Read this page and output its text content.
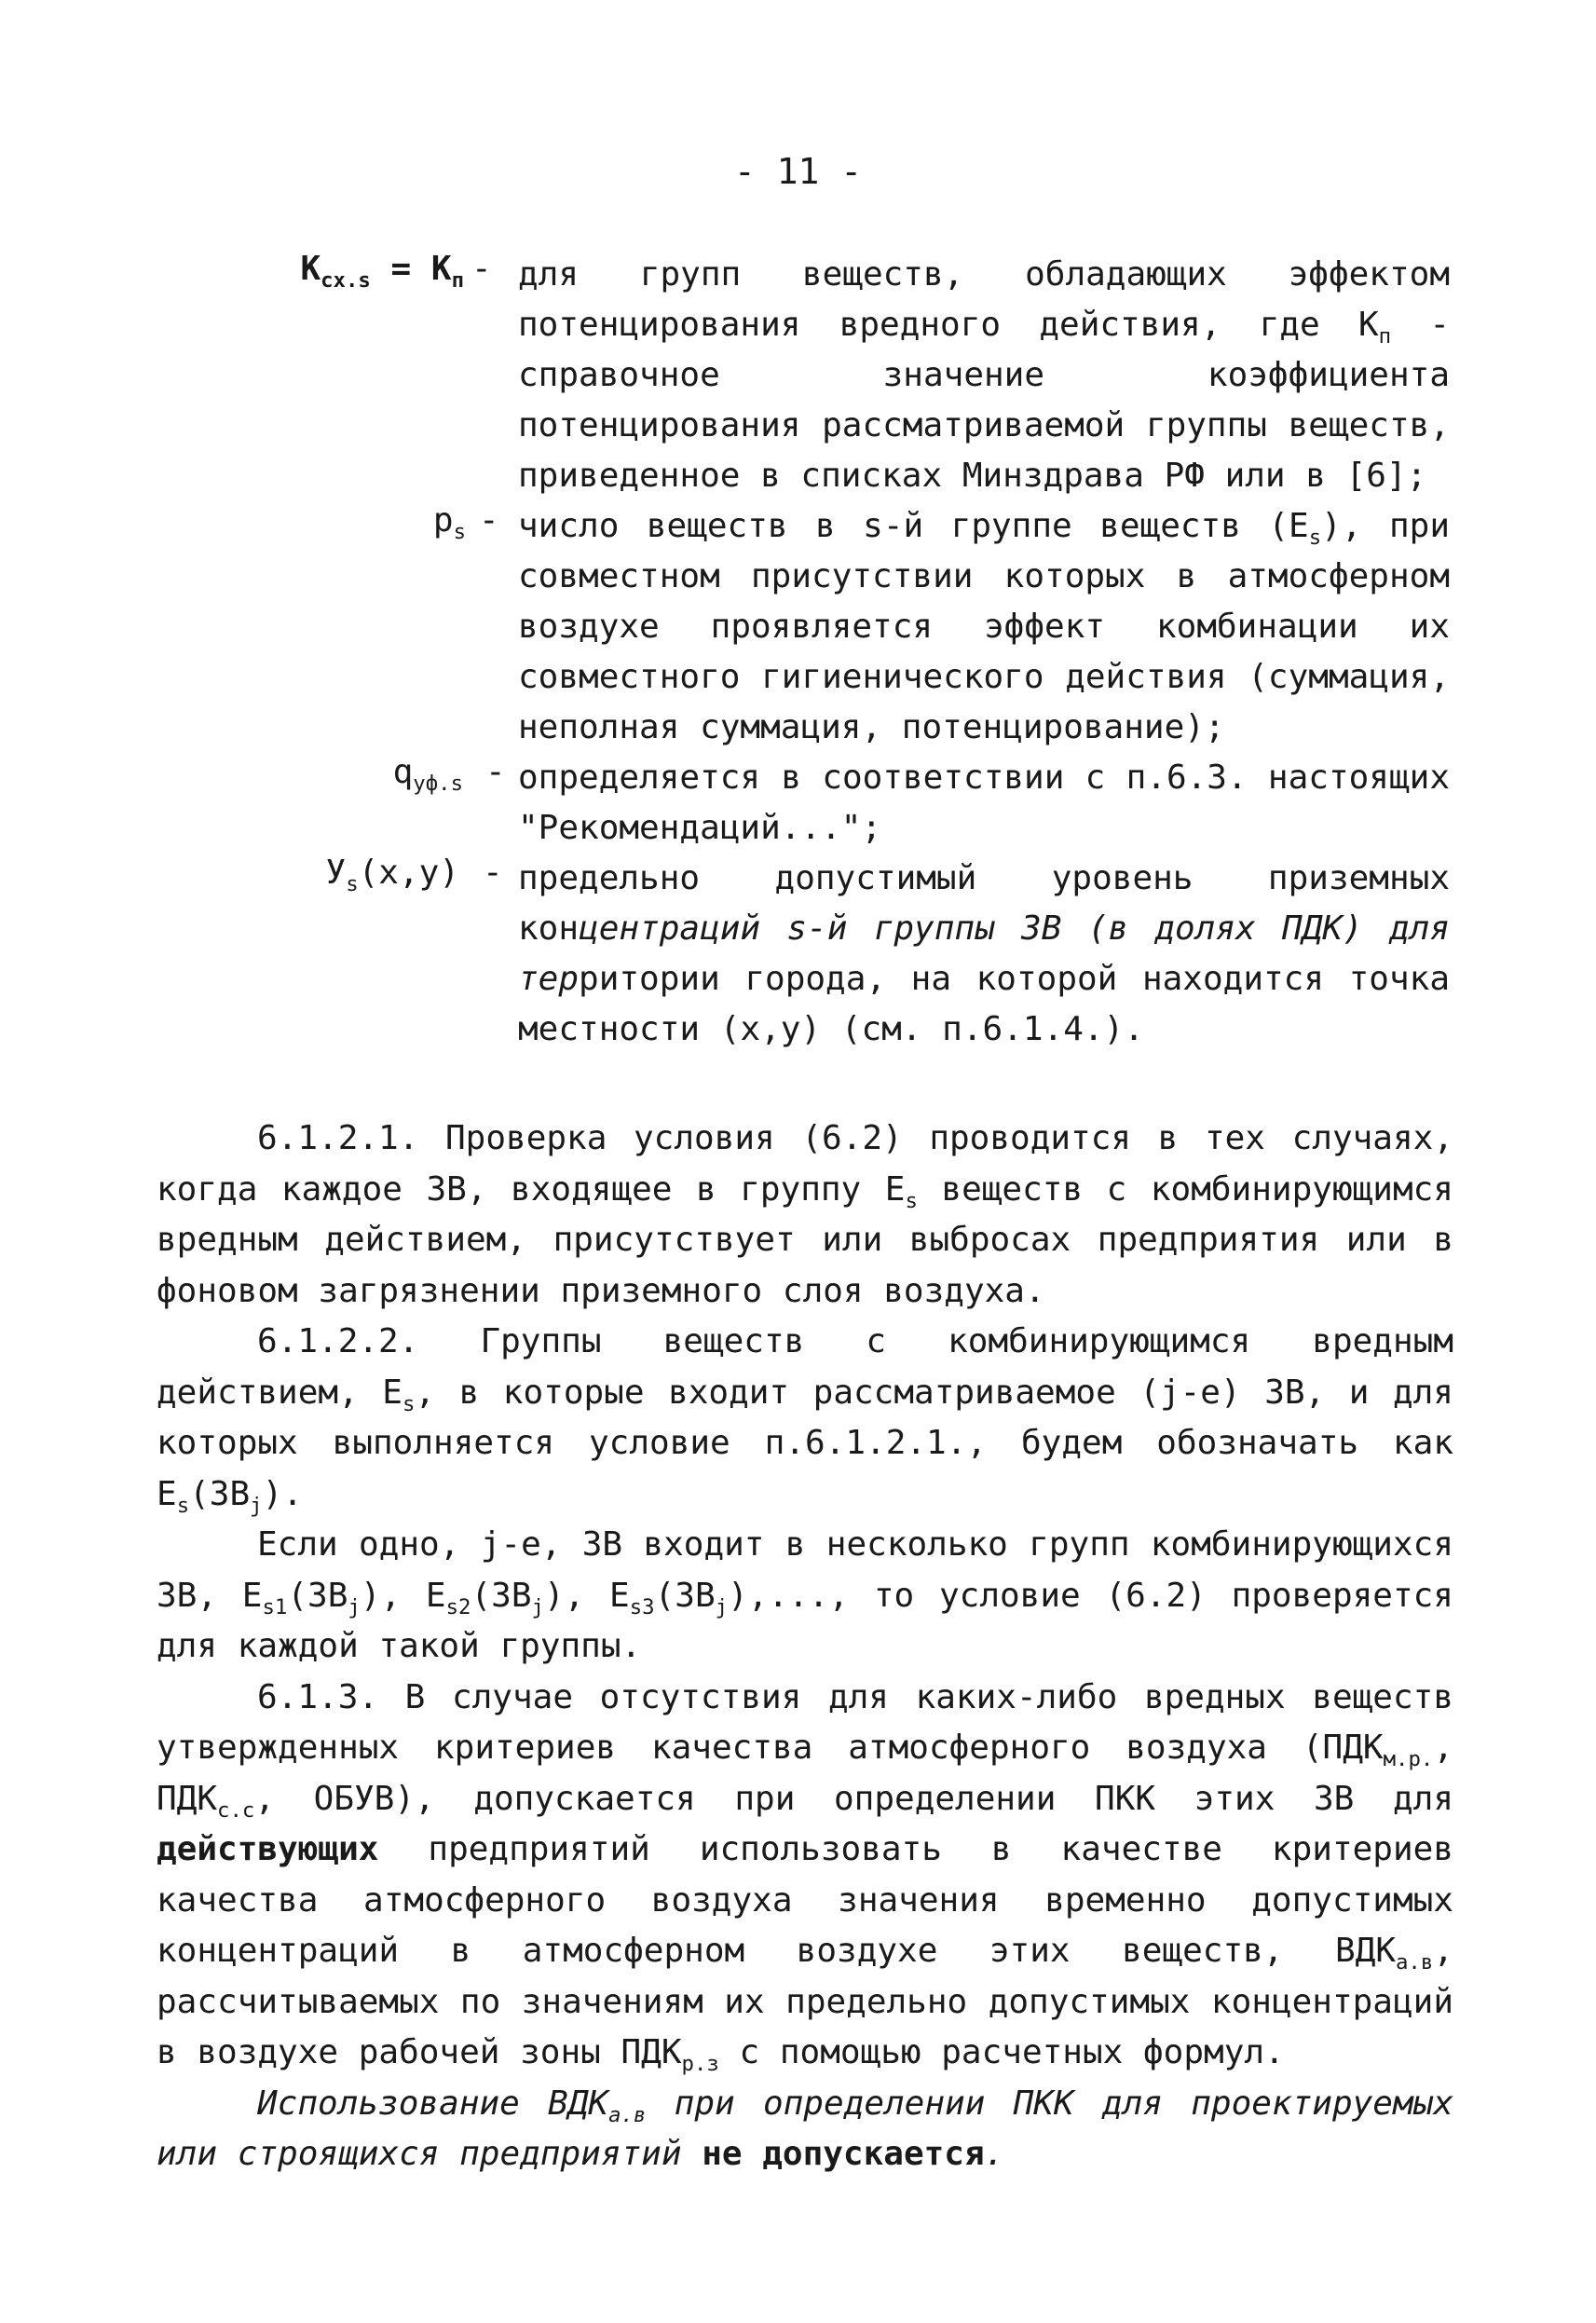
- 11 -
$K_{сх.s} = K_п$ - для групп веществ, обладающих эффектом потенцирования вредного действия, где $K_п$ - справочное значение коэффициента потенцирования рассматриваемой группы веществ, приведенное в списках Минздрава РФ или в [6];
$p_s$ - число веществ в s-й группе веществ $(E_s)$, при совместном присутствии которых в атмосферном воздухе проявляется эффект комбинации их совместного гигиенического действия (суммация, неполная суммация, потенцирование);
$q_{уф.s}$ - определяется в соответствии с п.6.3. настоящих "Рекомендаций...";
$У_s(x,у)$ - предельно допустимый уровень приземных концентраций s-й группы ЗВ (в долях ПДК) для территории города, на которой находится точка местности (x,у) (см. п.6.1.4.).

6.1.2.1. Проверка условия (6.2) проводится в тех случаях, когда каждое ЗВ, входящее в группу $E_s$ веществ с комбинирующимся вредным действием, присутствует или выбросах предприятия или в фоновом загрязнении приземного слоя воздуха.

6.1.2.2. Группы веществ с комбинирующимся вредным действием, $E_s$, в которые входит рассматриваемое (j-е) ЗВ, и для которых выполняется условие п.6.1.2.1., будем обозначать как $E_s(ЗВ_j)$.

Если одно, j-е, ЗВ входит в несколько групп комбинирующихся ЗВ, $E_{s1}(ЗВ_j)$, $E_{s2}(ЗВ_j)$, $E_{s3}(ЗВ_j)$,..., то условие (6.2) проверяется для каждой такой группы.

6.1.3. В случае отсутствия для каких-либо вредных веществ утвержденных критериев качества атмосферного воздуха ($ПДК_{м.р.}$, $ПДК_{с.с}$, ОБУВ), допускается при определении ПКК этих ЗВ для действующих предприятий использовать в качестве критериев качества атмосферного воздуха значения временно допустимых концентраций в атмосферном воздухе этих веществ, $ВДК_{а.в}$, рассчитываемых по значениям их предельно допустимых концентраций в воздухе рабочей зоны $ПДК_{р.з}$ с помощью расчетных формул.

Использование $ВДК_{а.в}$ при определении ПКК для проектируемых или строящихся предприятий не допускается.
